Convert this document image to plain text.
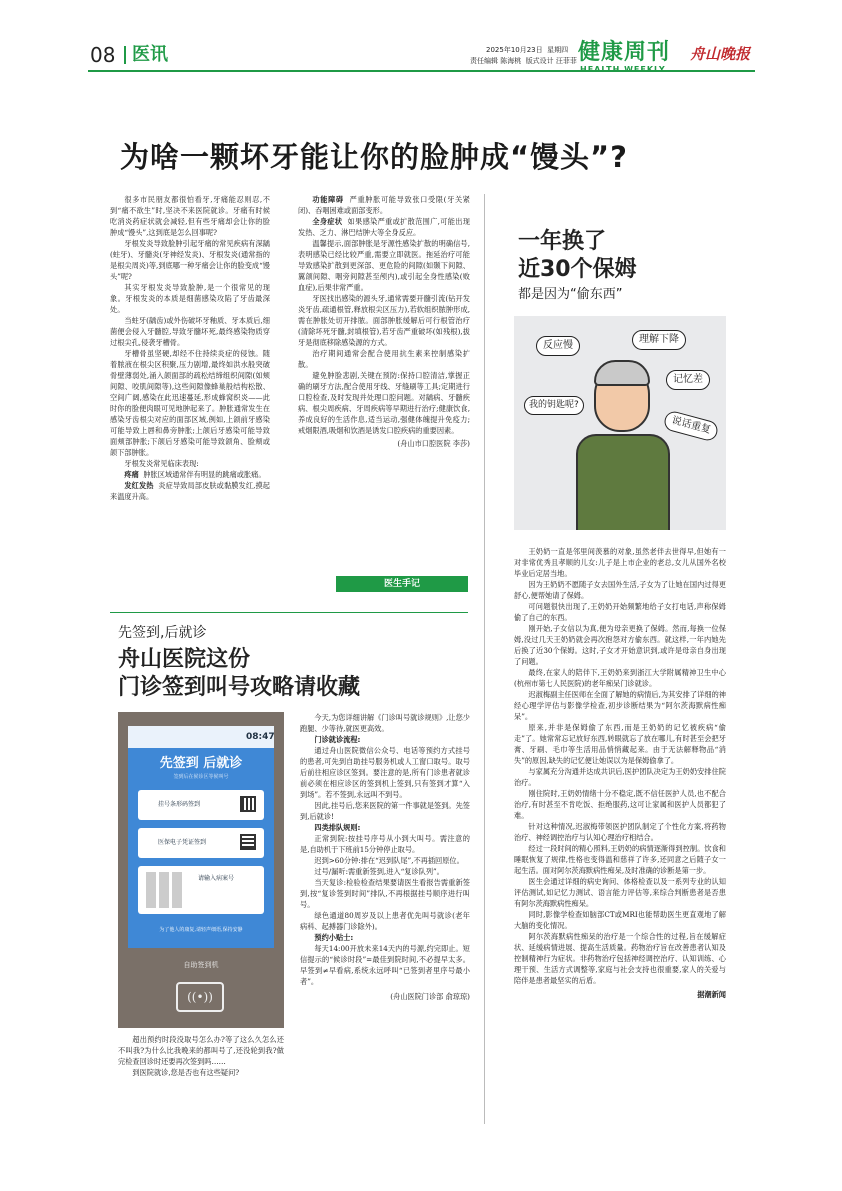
08 医讯	2025年10月23日 星期四
责任编辑 陈海桃 版式设计 汪菲菲 健康周刊 舟山晚报
为啥一颗坏牙能让你的脸肿成“馒头”?

很多市民朋友都很怕看牙,牙痛能忍则忍,不到“痛不欲生”时,坚决不来医院就诊。牙痛有时候吃消炎药症状就会减轻,但有些牙痛却会让你的脸肿成“馒头”,这到底是怎么回事呢?

牙根发炎导致脸肿引起牙痛的常见疾病有深龋(蛀牙)、牙髓炎(牙神经发炎)、牙根发炎(通常指的是根尖周炎)等,到底哪一种牙痛会让你的脸变成“馒头”呢?

其实牙根发炎导致脸肿,是一个很常见的现象。牙根发炎的本质是细菌感染攻陷了牙齿最深处。

当蛀牙(龋齿)或外伤破坏牙釉质、牙本质后,细菌便会侵入牙髓腔,导致牙髓坏死,最终感染物质穿过根尖孔,侵袭牙槽骨。

牙槽骨虽坚硬,却经不住持续炎症的侵蚀。随着脓液在根尖区积聚,压力剧增,最终如洪水般突破骨壁薄弱处,涌入颌面部的疏松结缔组织间隙(如颊间隙、咬肌间隙等),这些间隙像蜂巢般结构松散、空间广阔,感染在此迅速蔓延,形成蜂窝织炎——此时你的脸便肉眼可见地肿起来了。肿胀通常发生在感染牙齿根尖对应的面部区域,例如,上颌前牙感染可能导致上唇和鼻旁肿胀;上颌后牙感染可能导致面颊部肿胀;下颌后牙感染可能导致颌角、脸颊或颌下部肿胀。

牙根发炎常见临床表现:

疼痛 肿胀区域通常伴有明显的跳痛或胀痛。

发红发热 炎症导致局部皮肤或黏膜发红,摸起来温度升高。

功能障碍 严重肿胀可能导致张口受限(牙关紧闭)、吞咽困难或面部变形。

全身症状 如果感染严重或扩散范围广,可能出现发热、乏力、淋巴结肿大等全身反应。

温馨提示,面部肿胀是牙源性感染扩散的明确信号,表明感染已经比较严重,需要立即就医。拖延治疗可能导致感染扩散到更深部、更危险的间隙(如颞下间隙、翼颌间隙、咽旁间隙甚至颅内),或引起全身性感染(败血症),后果非常严重。

牙医找出感染的源头牙,通常需要开髓引流(钻开发炎牙齿,疏通根管,释放根尖区压力),若软组织脓肿形成,需在肿胀处切开排脓。面部肿胀缓解后可行根管治疗(清除坏死牙髓,封填根管),若牙齿严重破坏(如残根),拔牙是彻底移除感染源的方式。

治疗期间通常会配合使用抗生素来控制感染扩散。

避免肿脸悲剧,关键在预防:保持口腔清洁,掌握正确的刷牙方法,配合使用牙线、牙缝刷等工具;定期进行口腔检查,及时发现并处理口腔问题。对龋病、牙髓疾病、根尖周疾病、牙周疾病等早期进行治疗;健康饮食,养成良好的生活作息,适当运动,强健体魄提升免疫力;戒烟限酒,吸烟和饮酒是诱发口腔疾病的重要因素。

(舟山市口腔医院 李莎)
先签到,后就诊
舟山医院这份
门诊签到叫号攻略请收藏
08:47
先签到 后就诊
签到后在候诊区等候叫号
挂号条形码签到
医保电子凭证签到
请输入病案号
为了他人的康复,请轻声细语,保持安静
自助签到机
((•))

超出预约时段没取号怎么办?等了这么久怎么还不叫我?为什么比我晚来的都叫号了,还没轮到我?做完检查回诊时还要再次签到吗……

到医院就诊,您是否也有这些疑问?

今天,为您详细讲解《门诊叫号就诊规则》,让您少跑腿、少等待,就医更高效。

门诊就诊流程:

通过舟山医院微信公众号、电话等预约方式挂号的患者,可先到自助挂号服务机或人工窗口取号。取号后前往相应诊区签到。要注意的是,所有门诊患者就诊前必须在相应诊区的签到机上签到,只有签到才算“入到场”。若不签到,永远叫不到号。

因此,挂号后,您来医院的第一件事就是签到。先签到,后就诊!

四类排队规则:

正常到院:按挂号序号从小到大叫号。需注意的是,自助机于下班前15分钟停止取号。

迟到>60分钟:排在“迟到队尾”,不再插回原位。

过号/漏听:需重新签到,进入“复诊队列”。

当天复诊:检验检查结果要请医生看报告需重新签到,按“复诊签到时间”排队,不再根据挂号顺序进行叫号。

绿色通道80周岁及以上患者优先叫号就诊(老年病科、起搏器门诊除外)。

预约小贴士:

每天14:00开放未来14天内的号源,约完即止。短信提示的“候诊时段”=最佳到院时间,不必提早太多。早签到≠早看病,系统永远呼叫“已签到者里序号最小者”。

(舟山医院门诊部 俞琼琼)
一年换了
近30个保姆
都是因为“偷东西”
反应慢
理解下降
记忆差
说话重复
我的钥匙呢?
医生手记

王奶奶一直是邻里间羡慕的对象,虽然老伴去世得早,但她有一对非常优秀且孝顺的儿女:儿子是上市企业的老总,女儿从国外名校毕业后定居当地。

因为王奶奶不愿随子女去国外生活,子女为了让她在国内过得更舒心,便帮她请了保姆。

可问题很快出现了,王奶奶开始频繁地给子女打电话,声称保姆偷了自己的东西。

刚开始,子女信以为真,便为母亲更换了保姆。然而,每换一位保姆,没过几天王奶奶就会再次抱怨对方偷东西。就这样,一年内她先后换了近30个保姆。这时,子女才开始意识到,或许是母亲自身出现了问题。

最终,在家人的陪伴下,王奶奶来到浙江大学附属精神卫生中心(杭州市第七人民医院)的老年痴呆门诊就诊。

迟淑梅副主任医师在全面了解她的病情后,为其安排了详细的神经心理学评估与影像学检查,初步诊断结果为“阿尔茨海默病性痴呆”。

原来,并非是保姆偷了东西,而是王奶奶的记忆被疾病“偷走”了。她常常忘记放好东西,转眼就忘了放在哪儿,有时甚至会把牙膏、牙刷、毛巾等生活用品悄悄藏起来。由于无法解释物品“消失”的原因,缺失的记忆便让她误以为是保姆偷拿了。

与家属充分沟通并达成共识后,医护团队决定为王奶奶安排住院治疗。

刚住院时,王奶奶情绪十分不稳定,既不信任医护人员,也不配合治疗,有时甚至不肯吃饭、拒绝服药,这可让家属和医护人员都犯了难。

针对这种情况,迟淑梅带领医护团队制定了个性化方案,将药物治疗、神经调控治疗与认知心理治疗相结合。

经过一段时间的精心照料,王奶奶的病情逐渐得到控制。饮食和睡眠恢复了规律,性格也变得温和慈祥了许多,还同意之后随子女一起生活。面对阿尔茨海默病性痴呆,及时准确的诊断是第一步。

医生会通过详细的病史询问、体格检查以及一系列专业的认知评估测试,如记忆力测试、语言能力评估等,来综合判断患者是否患有阿尔茨海默病性痴呆。

同时,影像学检查如脑部CT或MRI也能帮助医生更直观地了解大脑的变化情况。

阿尔茨海默病性痴呆的治疗是一个综合性的过程,旨在缓解症状、延缓病情进展、提高生活质量。药物治疗旨在改善患者认知及控制精神行为症状。非药物治疗包括神经调控治疗、认知训练、心理干预、生活方式调整等,家庭与社会支持也很重要,家人的关爱与陪伴是患者最坚实的后盾。

据潮新闻
